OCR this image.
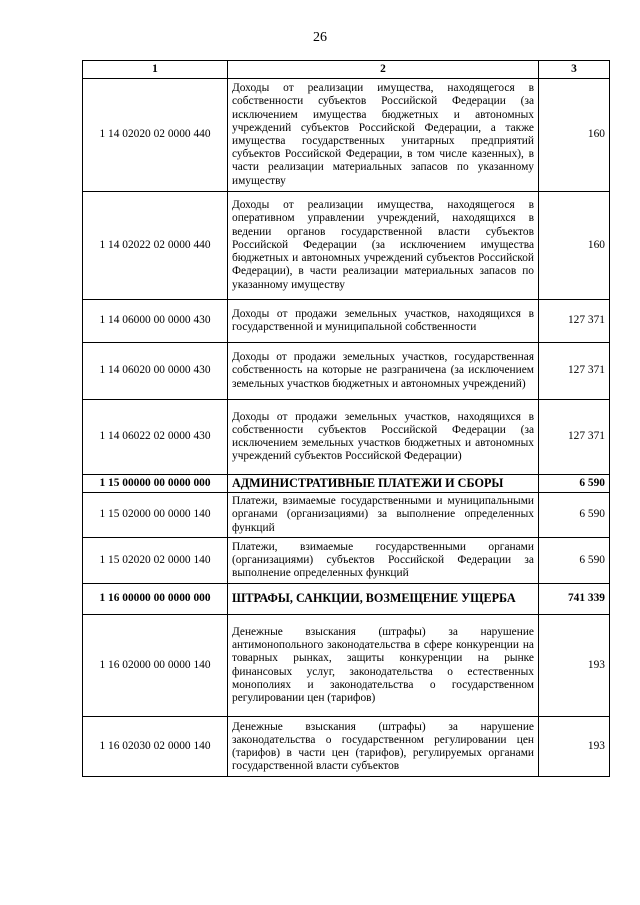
26
1	2	3
1 14 02020 02 0000 440	Доходы от реализации имущества, находящегося в собственности субъектов Российской Федерации (за исключением имущества бюджетных и автономных учреждений субъектов Российской Федерации, а также имущества государственных унитарных предприятий субъектов Российской Федерации, в том числе казенных), в части реализации материальных запасов по указанному имуществу	160
1 14 02022 02 0000 440	Доходы от реализации имущества, находящегося в оперативном управлении учреждений, находящихся в ведении органов государственной власти субъектов Российской Федерации (за исключением имущества бюджетных и автономных учреждений субъектов Российской Федерации), в части реализации материальных запасов по указанному имуществу	160
1 14 06000 00 0000 430	Доходы от продажи земельных участков, находящихся в государственной и муниципальной собственности	127 371
1 14 06020 00 0000 430	Доходы от продажи земельных участков, государственная собственность на которые не разграничена (за исключением земельных участков бюджетных и автономных учреждений)	127 371
1 14 06022 02 0000 430	Доходы от продажи земельных участков, находящихся в собственности субъектов Российской Федерации (за исключением земельных участков бюджетных и автономных учреждений субъектов Российской Федерации)	127 371
1 15 00000 00 0000 000	АДМИНИСТРАТИВНЫЕ ПЛАТЕЖИ И СБОРЫ	6 590
1 15 02000 00 0000 140	Платежи, взимаемые государственными и муниципальными органами (организациями) за выполнение определенных функций	6 590
1 15 02020 02 0000 140	Платежи, взимаемые государственными органами (организациями) субъектов Российской Федерации за выполнение определенных функций	6 590
1 16 00000 00 0000 000	ШТРАФЫ, САНКЦИИ, ВОЗМЕЩЕНИЕ УЩЕРБА	741 339
1 16 02000 00 0000 140	Денежные взыскания (штрафы) за нарушение антимонопольного законодательства в сфере конкуренции на товарных рынках, защиты конкуренции на рынке финансовых услуг, законодательства о естественных монополиях и законодательства о государственном регулировании цен (тарифов)	193
1 16 02030 02 0000 140	Денежные взыскания (штрафы) за нарушение законодательства о государственном регулировании цен (тарифов) в части цен (тарифов), регулируемых органами государственной власти субъектов	193
